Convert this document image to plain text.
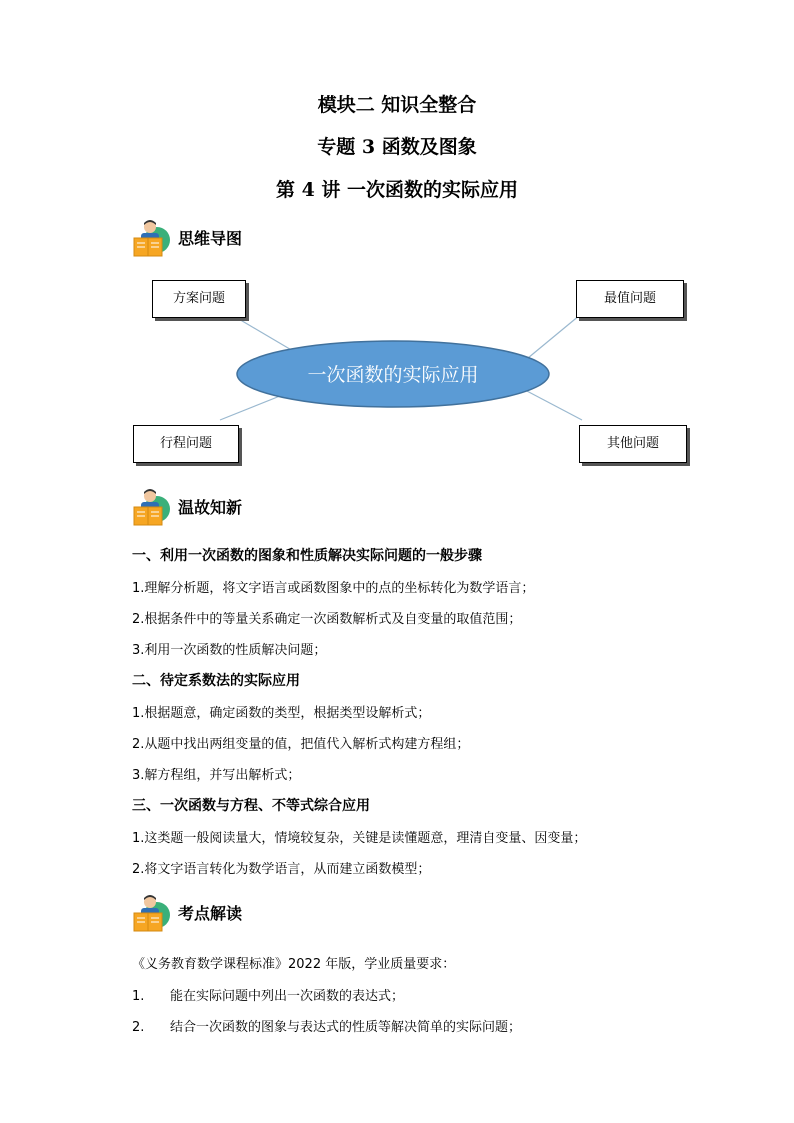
模块二 知识全整合
专题 3 函数及图象
第 4 讲 一次函数的实际应用
思维导图
一次函数的实际应用
方案问题	最值问题
行程问题	其他问题
温故知新
一、利用一次函数的图象和性质解决实际问题的一般步骤
1.理解分析题，将文字语言或函数图象中的点的坐标转化为数学语言；
2.根据条件中的等量关系确定一次函数解析式及自变量的取值范围；
3.利用一次函数的性质解决问题；
二、待定系数法的实际应用
1.根据题意，确定函数的类型，根据类型设解析式；
2.从题中找出两组变量的值，把值代入解析式构建方程组；
3.解方程组，并写出解析式；
三、一次函数与方程、不等式综合应用
1.这类题一般阅读量大，情境较复杂，关键是读懂题意，理清自变量、因变量；
2.将文字语言转化为数学语言，从而建立函数模型；
考点解读
《义务教育数学课程标准》2022 年版，学业质量要求：
1. 能在实际问题中列出一次函数的表达式；
2. 结合一次函数的图象与表达式的性质等解决简单的实际问题；
